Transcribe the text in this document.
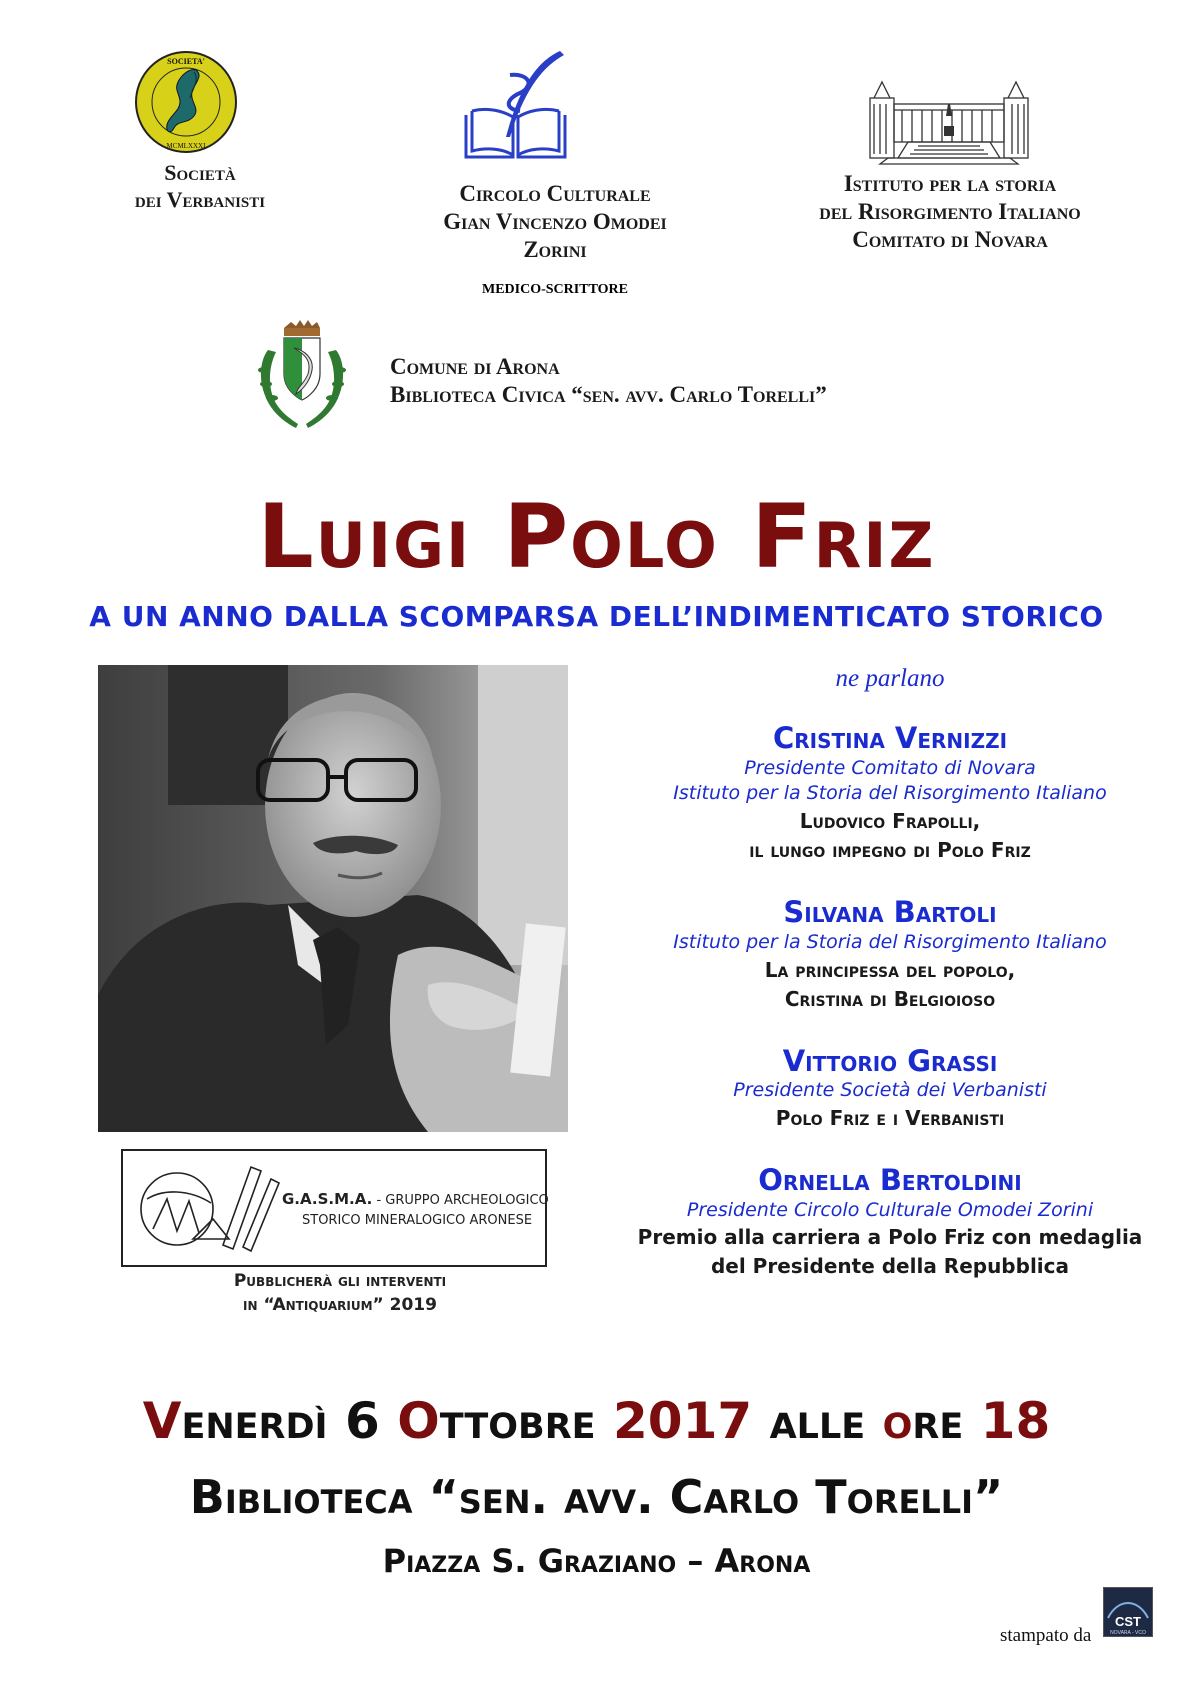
SOCIETA'
MCMLXXXI
Società
dei Verbanisti	Circolo Culturale
Gian Vincenzo Omodei
Zorini
MEDICO-SCRITTORE
Istituto per la storia
del Risorgimento Italiano
Comitato di Novara
Comune di Arona
Biblioteca Civica “sen. avv. Carlo Torelli”
Luigi Polo Friz
A UN ANNO DALLA SCOMPARSA DELL’INDIMENTICATO STORICO
ne parlano
Cristina Vernizzi
Presidente Comitato di Novara
Istituto per la Storia del Risorgimento Italiano
Ludovico Frapolli,
il lungo impegno di Polo Friz
Silvana Bartoli
Istituto per la Storia del Risorgimento Italiano
La principessa del popolo,
Cristina di Belgioioso
Vittorio Grassi
Presidente Società dei Verbanisti
Polo Friz e i Verbanisti
Ornella Bertoldini
Presidente Circolo Culturale Omodei Zorini
Premio alla carriera a Polo Friz con medaglia
del Presidente della Repubblica
G.A.S.M.A. - GRUPPO ARCHEOLOGICO
STORICO MINERALOGICO ARONESE
Pubblicherà gli interventi
in “Antiquarium” 2019
Venerdì 6 Ottobre 2017 alle ore 18
Biblioteca “sen. avv. Carlo Torelli”
Piazza S. Graziano – Arona
stampato da
CST
NOVARA - VCO
